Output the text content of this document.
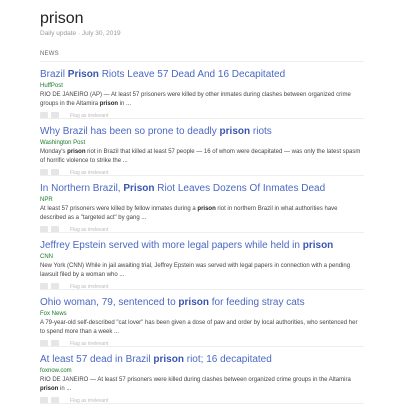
prison
Daily update · July 30, 2019
NEWS
Brazil Prison Riots Leave 57 Dead And 16 Decapitated
HuffPost
RIO DE JANEIRO (AP) — At least 57 prisoners were killed by other inmates during clashes between organized crime groups in the Altamira prison in ...
Flag as irrelevant
Why Brazil has been so prone to deadly prison riots
Washington Post
Monday's prison riot in Brazil that killed at least 57 people — 16 of whom were decapitated — was only the latest spasm of horrific violence to strike the ...
Flag as irrelevant
In Northern Brazil, Prison Riot Leaves Dozens Of Inmates Dead
NPR
At least 57 prisoners were killed by fellow inmates during a prison riot in northern Brazil in what authorities have described as a "targeted act" by gang ...
Flag as irrelevant
Jeffrey Epstein served with more legal papers while held in prison
CNN
New York (CNN) While in jail awaiting trial, Jeffrey Epstein was served with legal papers in connection with a pending lawsuit filed by a woman who ...
Flag as irrelevant
Ohio woman, 79, sentenced to prison for feeding stray cats
Fox News
A 79-year-old self-described "cat lover" has been given a dose of paw and order by local authorities, who sentenced her to spend more than a week ...
Flag as irrelevant
At least 57 dead in Brazil prison riot; 16 decapitated
foxnow.com
RIO DE JANEIRO — At least 57 prisoners were killed during clashes between organized crime groups in the Altamira prison in ...
Flag as irrelevant
